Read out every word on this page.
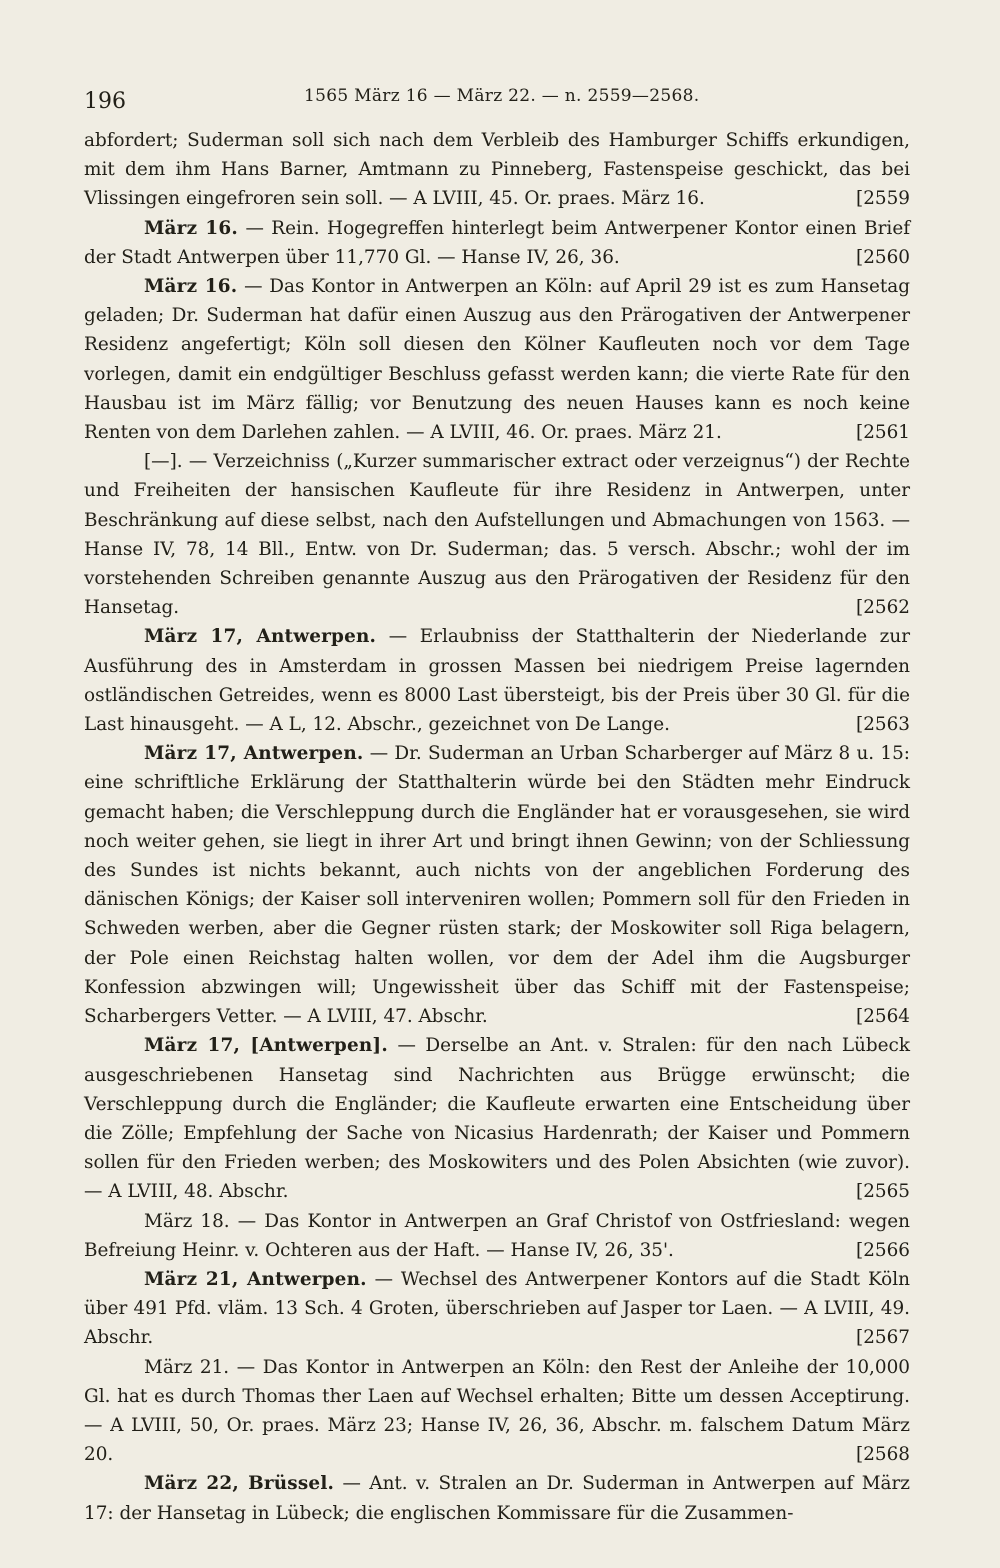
196	1565 März 16 — März 22. — n. 2559—2568.
abfordert; Suderman soll sich nach dem Verbleib des Hamburger Schiffs erkundigen, mit dem ihm Hans Barner, Amtmann zu Pinneberg, Fastenspeise geschickt, das bei Vlissingen eingefroren sein soll. — A LVIII, 45. Or. praes. März 16.	[2559
März 16. — Rein. Hogegreffen hinterlegt beim Antwerpener Kontor einen Brief der Stadt Antwerpen über 11,770 Gl. — Hanse IV, 26, 36.	[2560
März 16. — Das Kontor in Antwerpen an Köln: auf April 29 ist es zum Hansetag geladen; Dr. Suderman hat dafür einen Auszug aus den Prärogativen der Antwerpener Residenz angefertigt; Köln soll diesen den Kölner Kaufleuten noch vor dem Tage vorlegen, damit ein endgültiger Beschluss gefasst werden kann; die vierte Rate für den Hausbau ist im März fällig; vor Benutzung des neuen Hauses kann es noch keine Renten von dem Darlehen zahlen. — A LVIII, 46. Or. praes. März 21.	[2561
[—]. — Verzeichniss („Kurzer summarischer extract oder verzeignus“) der Rechte und Freiheiten der hansischen Kaufleute für ihre Residenz in Antwerpen, unter Beschränkung auf diese selbst, nach den Aufstellungen und Abmachungen von 1563. — Hanse IV, 78, 14 Bll., Entw. von Dr. Suderman; das. 5 versch. Abschr.; wohl der im vorstehenden Schreiben genannte Auszug aus den Prärogativen der Residenz für den Hansetag.	[2562
März 17, Antwerpen. — Erlaubniss der Statthalterin der Niederlande zur Ausführung des in Amsterdam in grossen Massen bei niedrigem Preise lagernden ostländischen Getreides, wenn es 8000 Last übersteigt, bis der Preis über 30 Gl. für die Last hinausgeht. — A L, 12. Abschr., gezeichnet von De Lange.	[2563
März 17, Antwerpen. — Dr. Suderman an Urban Scharberger auf März 8 u. 15: eine schriftliche Erklärung der Statthalterin würde bei den Städten mehr Eindruck gemacht haben; die Verschleppung durch die Engländer hat er vorausgesehen, sie wird noch weiter gehen, sie liegt in ihrer Art und bringt ihnen Gewinn; von der Schliessung des Sundes ist nichts bekannt, auch nichts von der angeblichen Forderung des dänischen Königs; der Kaiser soll interveniren wollen; Pommern soll für den Frieden in Schweden werben, aber die Gegner rüsten stark; der Moskowiter soll Riga belagern, der Pole einen Reichstag halten wollen, vor dem der Adel ihm die Augsburger Konfession abzwingen will; Ungewissheit über das Schiff mit der Fastenspeise; Scharbergers Vetter. — A LVIII, 47. Abschr.	[2564
März 17, [Antwerpen]. — Derselbe an Ant. v. Stralen: für den nach Lübeck ausgeschriebenen Hansetag sind Nachrichten aus Brügge erwünscht; die Verschleppung durch die Engländer; die Kaufleute erwarten eine Entscheidung über die Zölle; Empfehlung der Sache von Nicasius Hardenrath; der Kaiser und Pommern sollen für den Frieden werben; des Moskowiters und des Polen Absichten (wie zuvor). — A LVIII, 48. Abschr.	[2565
März 18. — Das Kontor in Antwerpen an Graf Christof von Ostfriesland: wegen Befreiung Heinr. v. Ochteren aus der Haft. — Hanse IV, 26, 35'.	[2566
März 21, Antwerpen. — Wechsel des Antwerpener Kontors auf die Stadt Köln über 491 Pfd. vläm. 13 Sch. 4 Groten, überschrieben auf Jasper tor Laen. — A LVIII, 49. Abschr.	[2567
März 21. — Das Kontor in Antwerpen an Köln: den Rest der Anleihe der 10,000 Gl. hat es durch Thomas ther Laen auf Wechsel erhalten; Bitte um dessen Acceptirung. — A LVIII, 50, Or. praes. März 23; Hanse IV, 26, 36, Abschr. m. falschem Datum März 20.	[2568
März 22, Brüssel. — Ant. v. Stralen an Dr. Suderman in Antwerpen auf März 17: der Hansetag in Lübeck; die englischen Kommissare für die Zusammen-
